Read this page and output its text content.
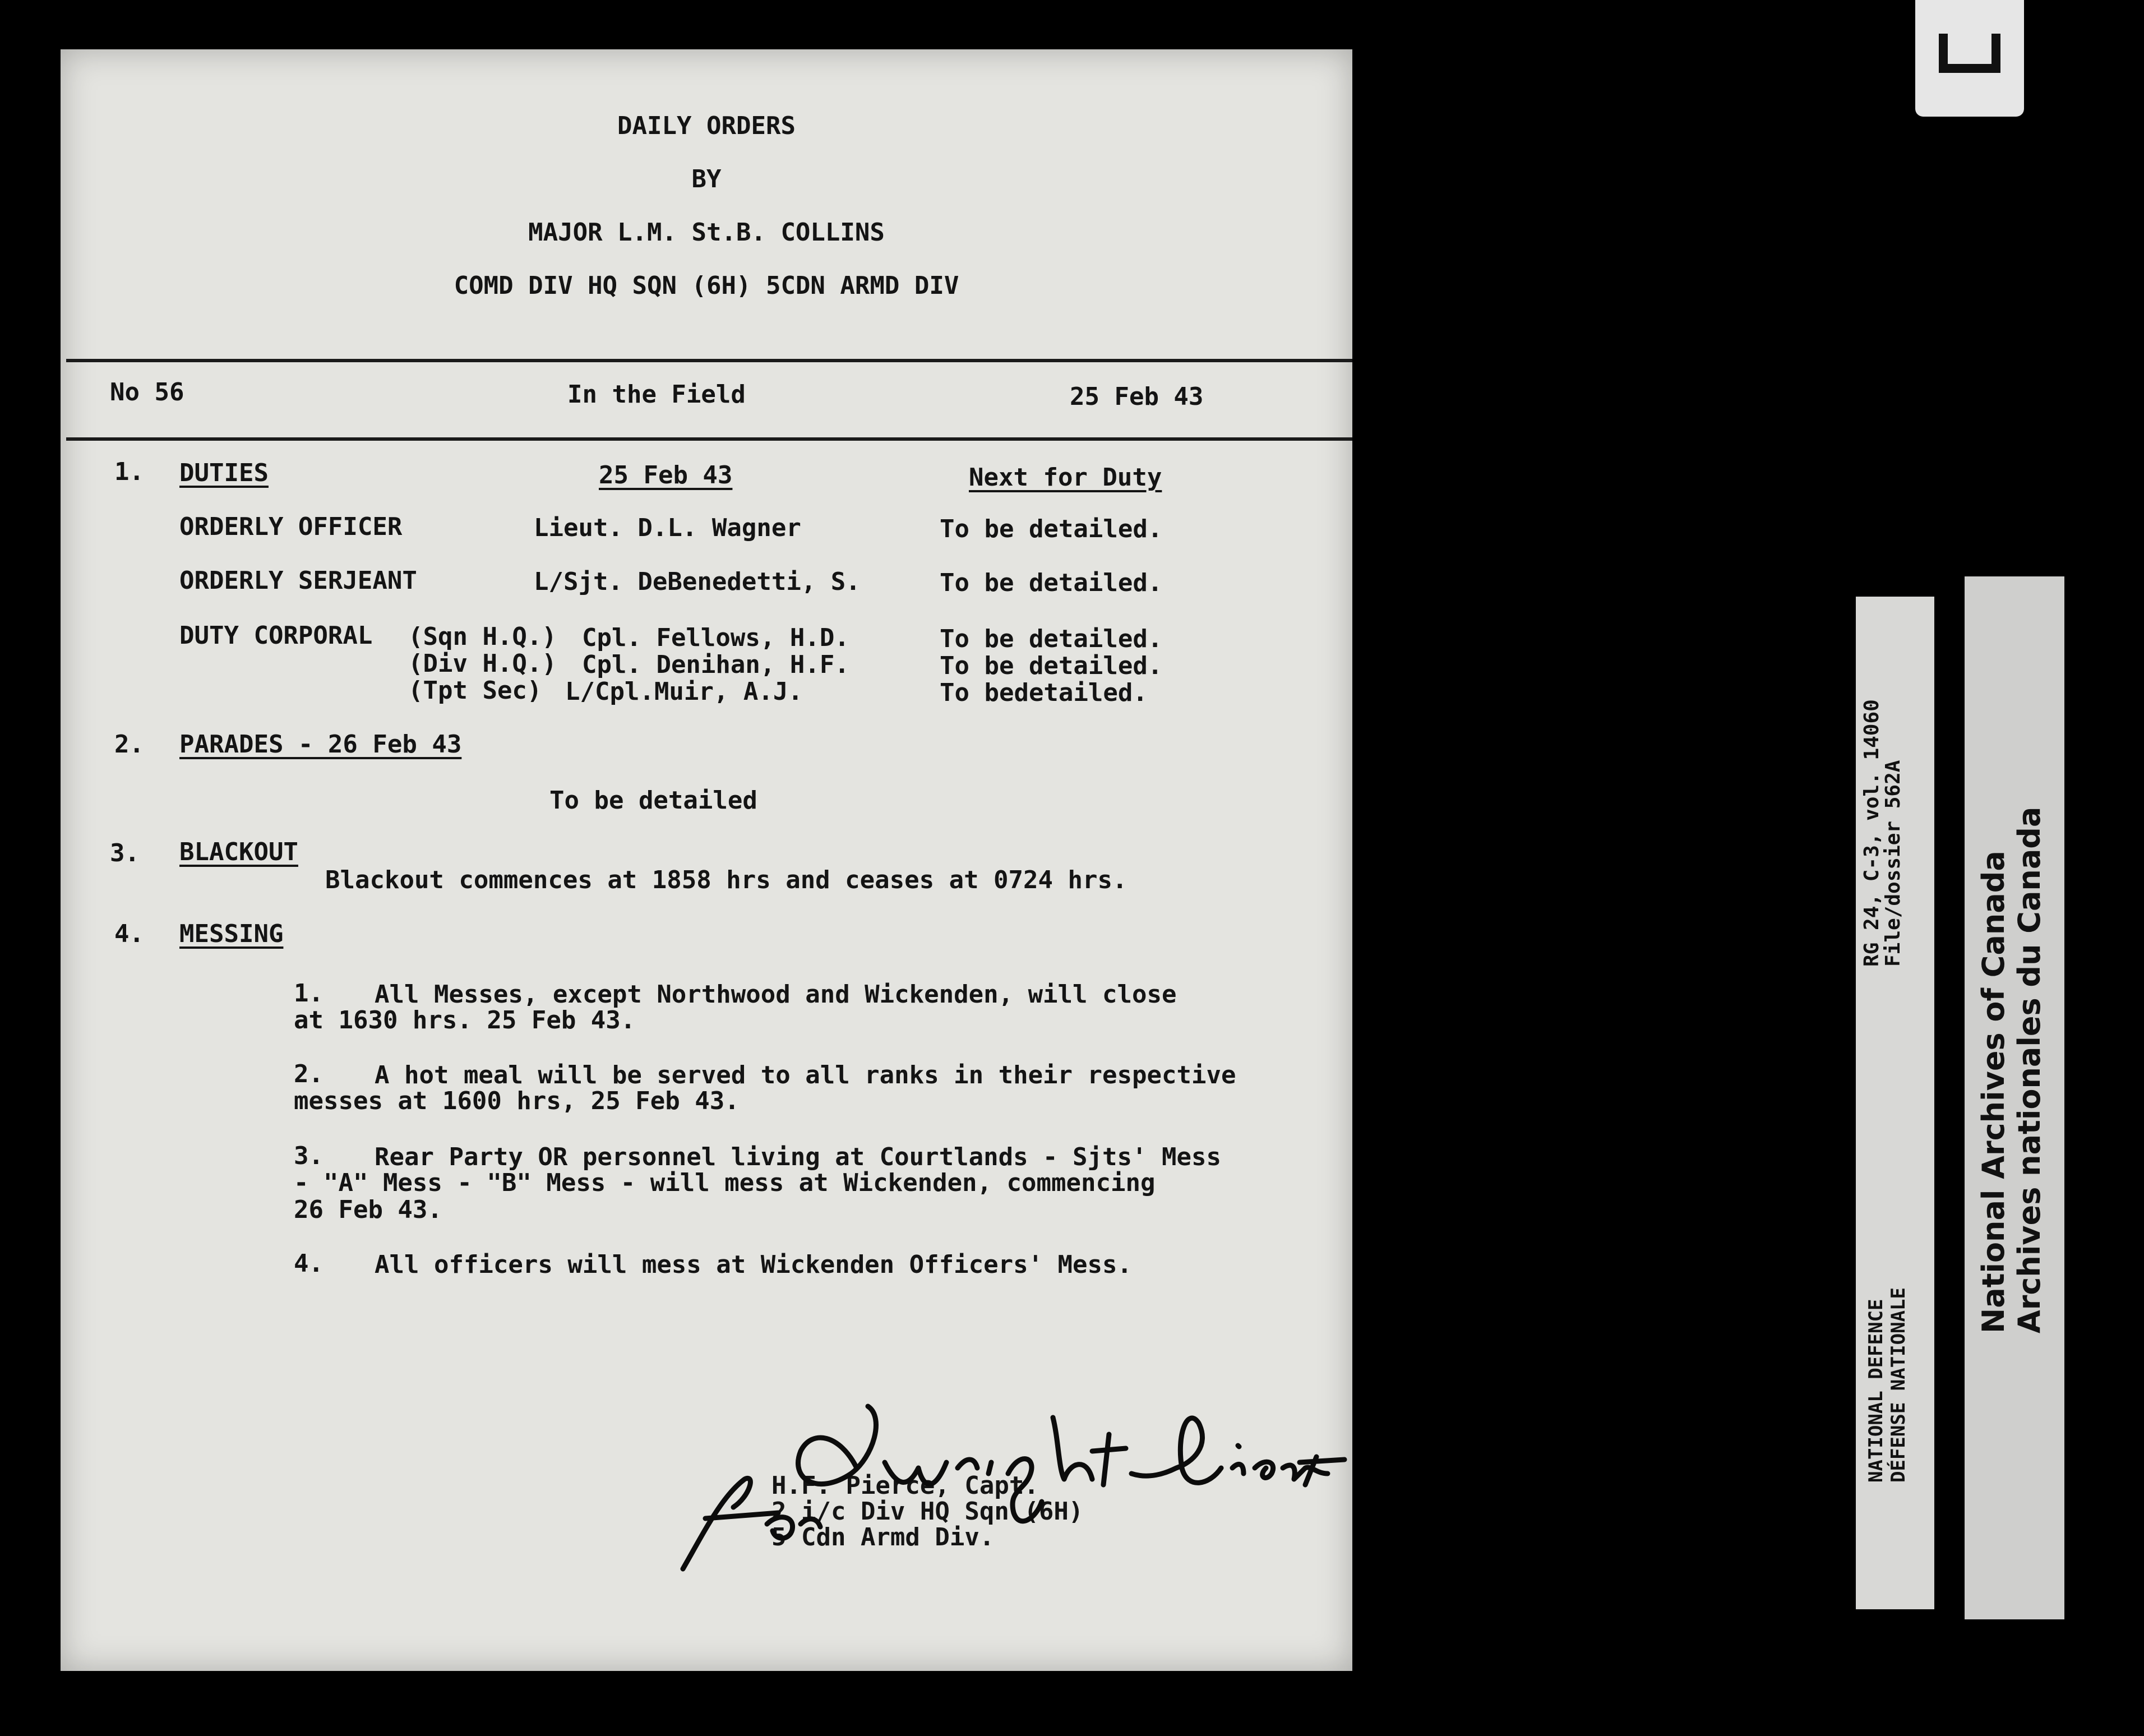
DAILY ORDERS
BY
MAJOR L.M. St.B. COLLINS
COMD DIV HQ SQN (6H) 5CDN ARMD DIV
No 56	In the Field	25 Feb 43
1. DUTIES	25 Feb 43	Next for Duty
ORDERLY OFFICER	Lieut. D.L. Wagner	To be detailed.
ORDERLY SERJEANT	L/Sjt. DeBenedetti, S.	To be detailed.
DUTY CORPORAL (Sqn H.Q.) Cpl. Fellows, H.D.	To be detailed.
(Div H.Q.) Cpl. Denihan, H.F.	To be detailed.
(Tpt Sec) L/Cpl.Muir, A.J.	To bedetailed.
2. PARADES - 26 Feb 43
To be detailed
3. BLACKOUT
Blackout commences at 1858 hrs and ceases at 0724 hrs.
4. MESSING
1. All Messes, except Northwood and Wickenden, will close
at 1630 hrs. 25 Feb 43.
2. A hot meal will be served to all ranks in their respective
messes at 1600 hrs, 25 Feb 43.
3. Rear Party OR personnel living at Courtlands - Sjts' Mess
- "A" Mess - "B" Mess - will mess at Wickenden, commencing
26 Feb 43.
4. All officers will mess at Wickenden Officers' Mess.
H.F. Pierce, Capt.
2 i/c Div HQ Sqn (6H)
5 Cdn Armd Div.
RG 24, C-3, vol. 14060
File/dossier 562A
NATIONAL DEFENCE DÉFENSE NATIONALE
National Archives of Canada Archives nationales du Canada
